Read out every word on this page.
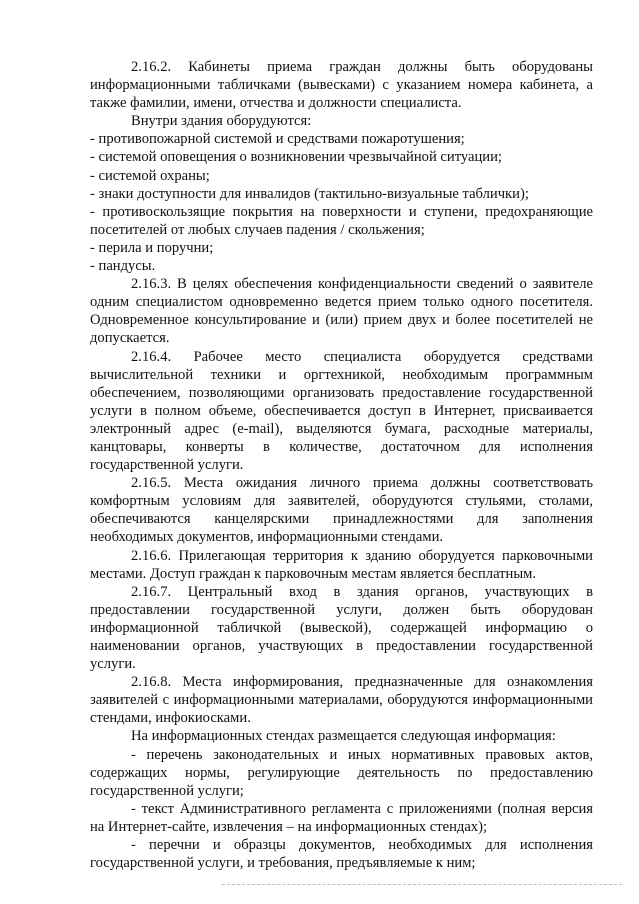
2.16.2. Кабинеты приема граждан должны быть оборудованы информационными табличками (вывесками) с указанием номера кабинета, а также фамилии, имени, отчества и должности специалиста.

Внутри здания оборудуются:

- противопожарной системой и средствами пожаротушения;

- системой оповещения о возникновении чрезвычайной ситуации;

- системой охраны;

- знаки доступности для инвалидов (тактильно-визуальные таблички);

- противоскользящие покрытия на поверхности и ступени, предохраняющие посетителей от любых случаев падения / скольжения;

- перила и поручни;

- пандусы.

2.16.3. В целях обеспечения конфиденциальности сведений о заявителе одним специалистом одновременно ведется прием только одного посетителя. Одновременное консультирование и (или) прием двух и более посетителей не допускается.

2.16.4. Рабочее место специалиста оборудуется средствами вычислительной техники и оргтехникой, необходимым программным обеспечением, позволяющими организовать предоставление государственной услуги в полном объеме, обеспечивается доступ в Интернет, присваивается электронный адрес (e-mail), выделяются бумага, расходные материалы, канцтовары, конверты в количестве, достаточном для исполнения государственной услуги.

2.16.5. Места ожидания личного приема должны соответствовать комфортным условиям для заявителей, оборудуются стульями, столами, обеспечиваются канцелярскими принадлежностями для заполнения необходимых документов, информационными стендами.

2.16.6. Прилегающая территория к зданию оборудуется парковочными местами. Доступ граждан к парковочным местам является бесплатным.

2.16.7. Центральный вход в здания органов, участвующих в предоставлении государственной услуги, должен быть оборудован информационной табличкой (вывеской), содержащей информацию о наименовании органов, участвующих в предоставлении государственной услуги.

2.16.8. Места информирования, предназначенные для ознакомления заявителей с информационными материалами, оборудуются информационными стендами, инфокиосками.

На информационных стендах размещается следующая информация:

- перечень законодательных и иных нормативных правовых актов, содержащих нормы, регулирующие деятельность по предоставлению государственной услуги;

- текст Административного регламента с приложениями (полная версия на Интернет-сайте, извлечения – на информационных стендах);

- перечни и образцы документов, необходимых для исполнения государственной услуги, и требования, предъявляемые к ним;
